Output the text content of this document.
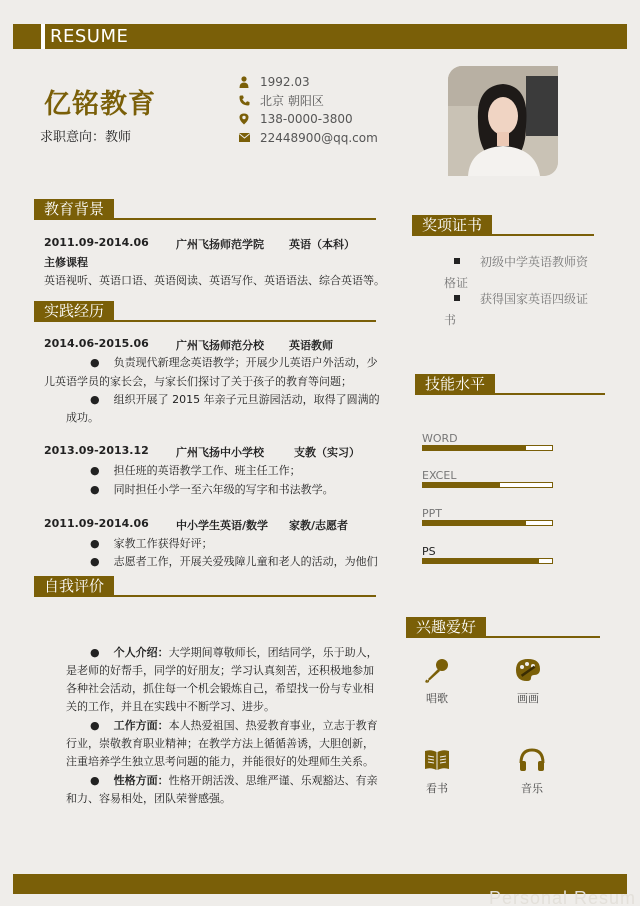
RESUME
亿铭教育
求职意向：教师
1992.03
北京 朝阳区
138-0000-3800
22448900@qq.com
教育背景
2011.09-2014.06 广州飞扬师范学院 英语（本科）
主修课程
英语视听、英语口语、英语阅读、英语写作、英语语法、综合英语等。
实践经历
2014.06-2015.06 广州飞扬师范分校 英语教师
●    负责现代新理念英语教学；开展少儿英语户外活动，少
儿英语学员的家长会，与家长们探讨了关于孩子的教育等问题；
●    组织开展了 2015 年亲子元旦游园活动，取得了圆满的
成功。
2013.09-2013.12 广州飞扬中小学校	支教（实习）
●    担任班的英语教学工作、班主任工作；
●    同时担任小学一至六年级的写字和书法教学。
2011.09-2014.06 中小学生英语/数学 家教/志愿者
●    家教工作获得好评；
●    志愿者工作，开展关爱残障儿童和老人的活动，为他们
自我评价
●    个人介绍：大学期间尊敬师长，团结同学，乐于助人，
是老师的好帮手，同学的好朋友；学习认真刻苦，还积极地参加
各种社会活动，抓住每一个机会锻炼自己，希望找一份与专业相
关的工作，并且在实践中不断学习、进步。
●    工作方面：本人热爱祖国、热爱教育事业，立志于教育
行业，崇敬教育职业精神；在教学方法上循循善诱，大胆创新，
注重培养学生独立思考问题的能力，并能很好的处理师生关系。
●    性格方面：性格开朗活泼、思维严谨、乐观豁达、有亲
和力、容易相处，团队荣誉感强。
奖项证书
初级中学英语教师资
格证
获得国家英语四级证
书
技能水平
WORD
EXCEL
PPT
PS
兴趣爱好
唱歌	画画
看书	音乐
Personal Resum
